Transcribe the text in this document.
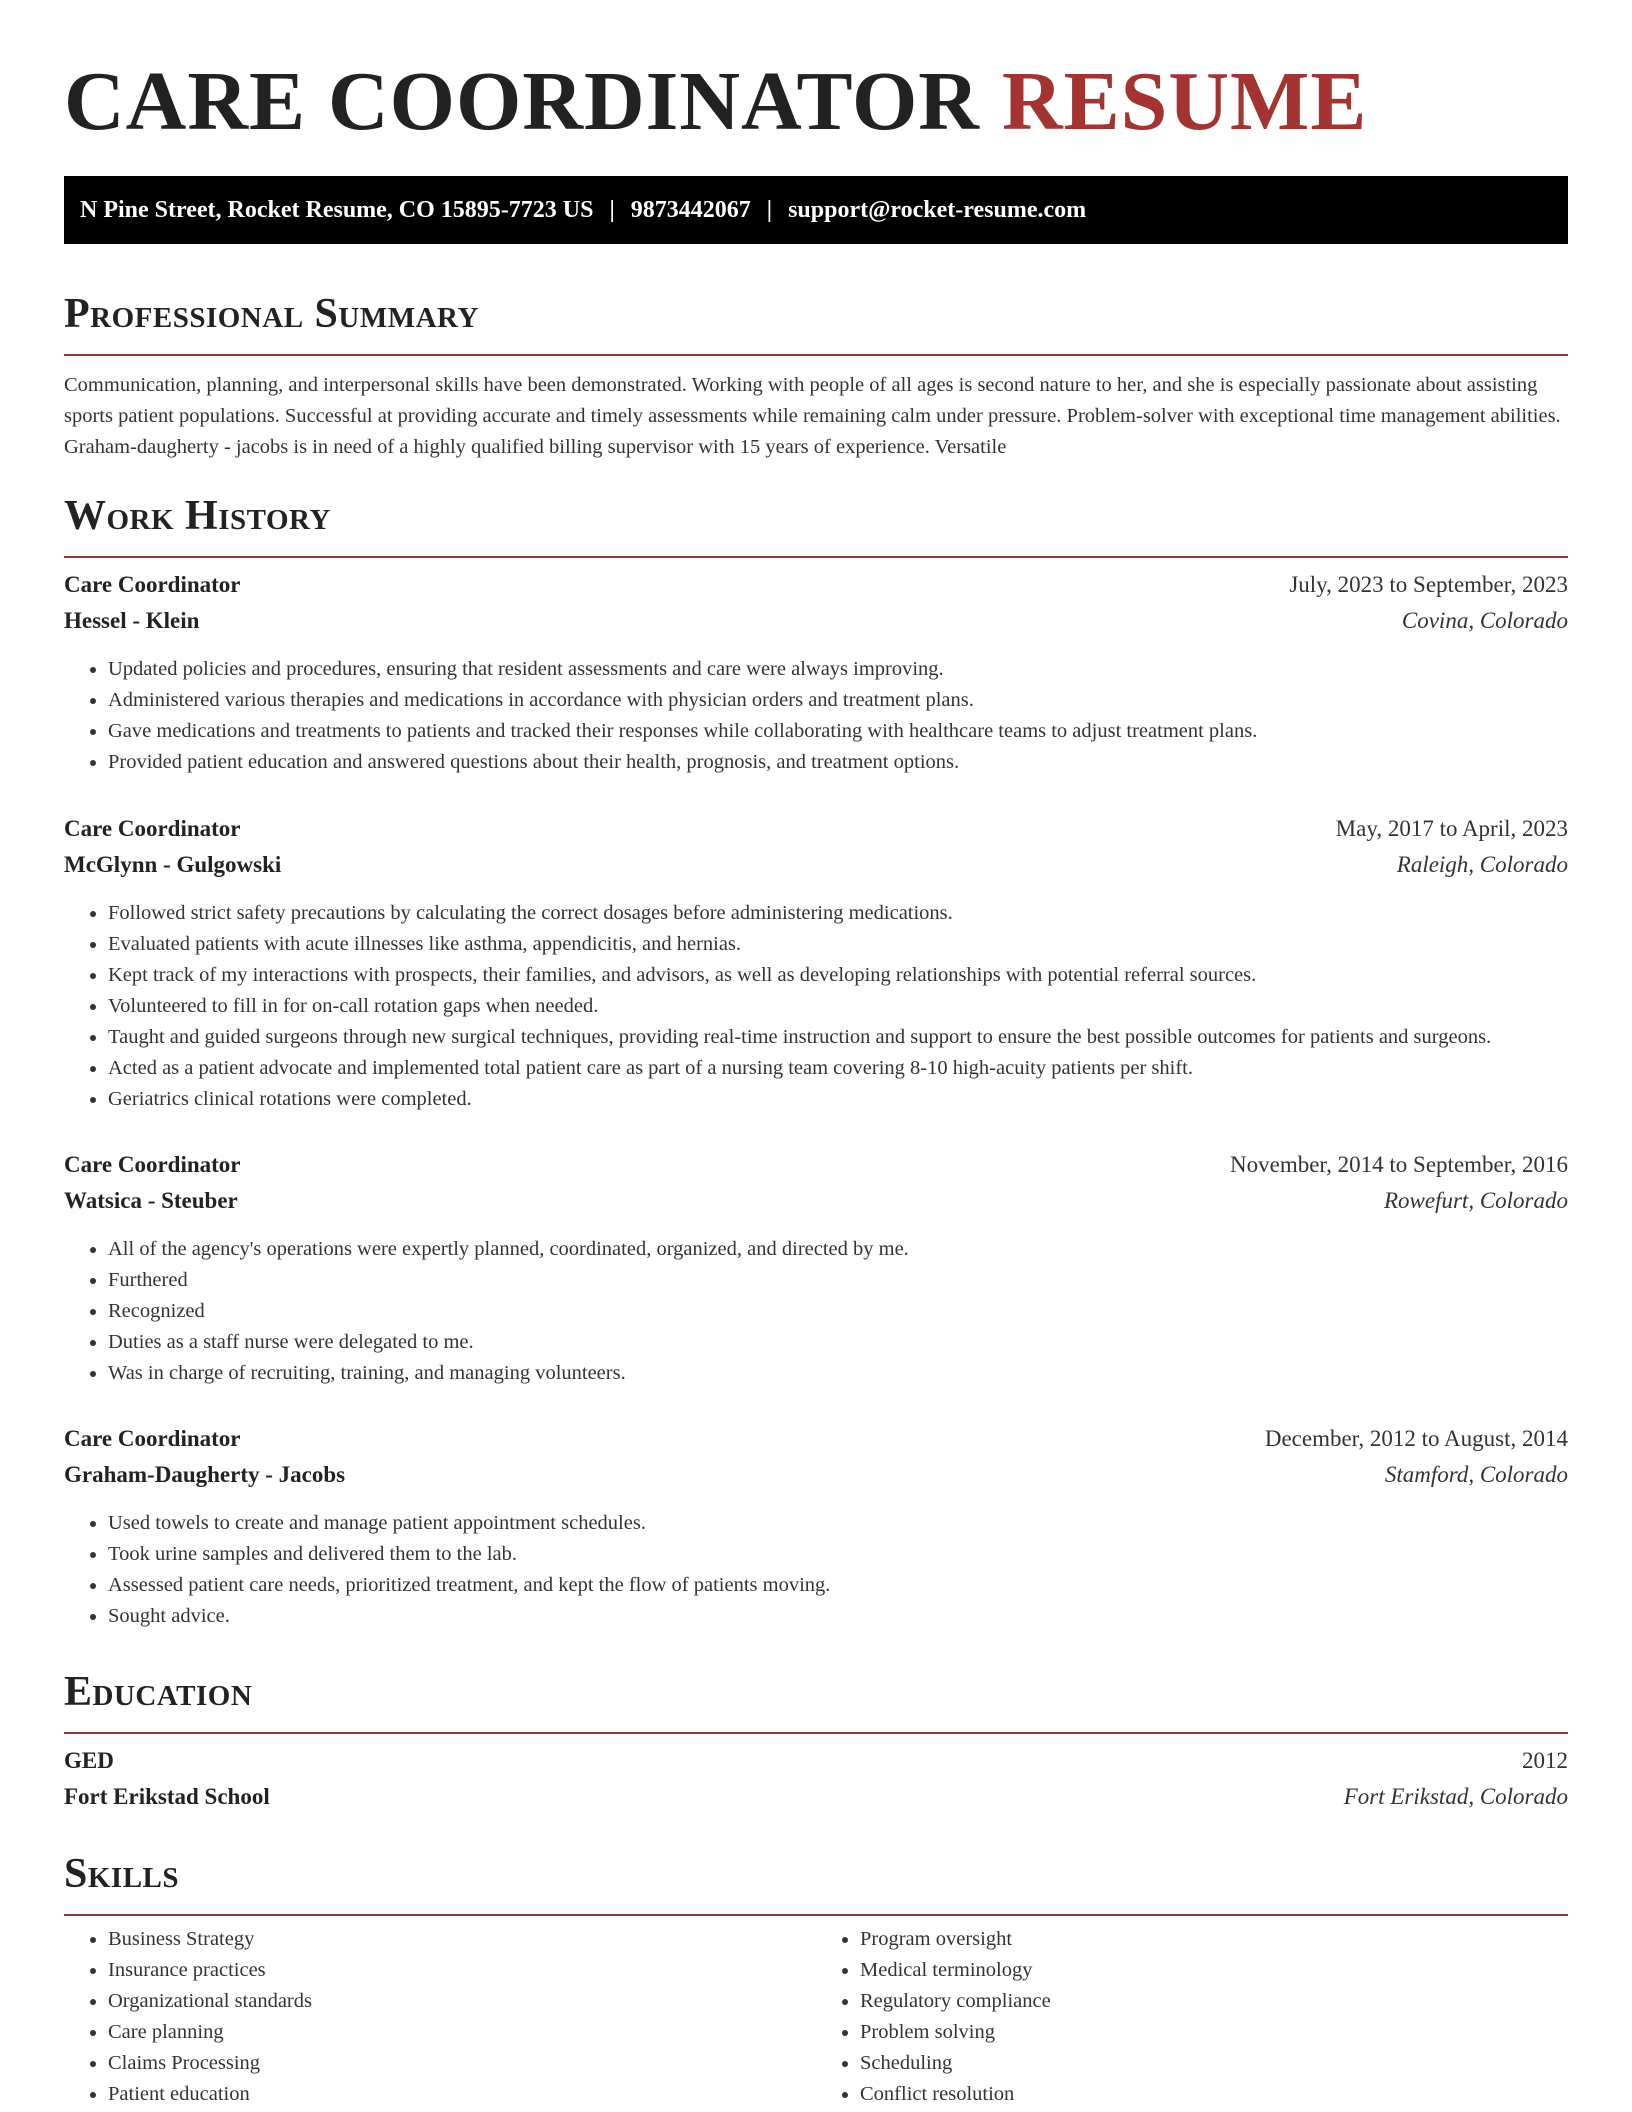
CARE COORDINATOR RESUME
N Pine Street, Rocket Resume, CO 15895-7723 US | 9873442067 | support@rocket-resume.com
Professional Summary

Communication, planning, and interpersonal skills have been demonstrated. Working with people of all ages is second nature to her, and she is especially passionate about assisting sports patient populations. Successful at providing accurate and timely assessments while remaining calm under pressure. Problem-solver with exceptional time management abilities. Graham-daugherty - jacobs is in need of a highly qualified billing supervisor with 15 years of experience. Versatile

Work History
Care Coordinator	July, 2023 to September, 2023
Hessel - Klein	Covina, Colorado
• Updated policies and procedures, ensuring that resident assessments and care were always improving.
• Administered various therapies and medications in accordance with physician orders and treatment plans.
• Gave medications and treatments to patients and tracked their responses while collaborating with healthcare teams to adjust treatment plans.
• Provided patient education and answered questions about their health, prognosis, and treatment options.
Care Coordinator	May, 2017 to April, 2023
McGlynn - Gulgowski	Raleigh, Colorado
• Followed strict safety precautions by calculating the correct dosages before administering medications.
• Evaluated patients with acute illnesses like asthma, appendicitis, and hernias.
• Kept track of my interactions with prospects, their families, and advisors, as well as developing relationships with potential referral sources.
• Volunteered to fill in for on-call rotation gaps when needed.
• Taught and guided surgeons through new surgical techniques, providing real-time instruction and support to ensure the best possible outcomes for patients and surgeons.
• Acted as a patient advocate and implemented total patient care as part of a nursing team covering 8-10 high-acuity patients per shift.
• Geriatrics clinical rotations were completed.
Care Coordinator	November, 2014 to September, 2016
Watsica - Steuber	Rowefurt, Colorado
• All of the agency's operations were expertly planned, coordinated, organized, and directed by me.
• Furthered
• Recognized
• Duties as a staff nurse were delegated to me.
• Was in charge of recruiting, training, and managing volunteers.
Care Coordinator	December, 2012 to August, 2014
Graham-Daugherty - Jacobs	Stamford, Colorado
• Used towels to create and manage patient appointment schedules.
• Took urine samples and delivered them to the lab.
• Assessed patient care needs, prioritized treatment, and kept the flow of patients moving.
• Sought advice.
Education
GED	2012
Fort Erikstad School	Fort Erikstad, Colorado
Skills
• Business Strategy
• Insurance practices
• Organizational standards
• Care planning
• Claims Processing
• Patient education
• Program oversight
• Medical terminology
• Regulatory compliance
• Problem solving
• Scheduling
• Conflict resolution
